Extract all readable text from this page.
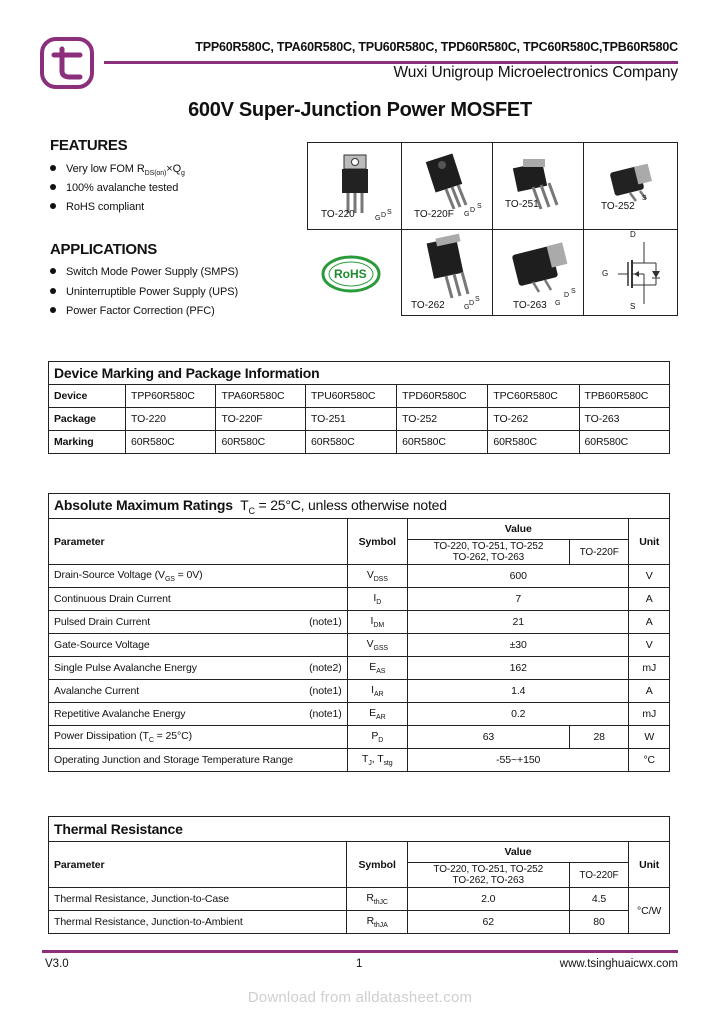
TPP60R580C, TPA60R580C, TPU60R580C, TPD60R580C, TPC60R580C,TPB60R580C
Wuxi Unigroup Microelectronics Company
600V Super-Junction Power MOSFET
FEATURES
Very low FOM $R_{DS(on)}\times Q_g$
100% avalanche tested
RoHS compliant
APPLICATIONS
Switch Mode Power Supply (SMPS)
Uninterruptible Power Supply (UPS)
Power Factor Correction (PFC)
TO-220	G D S TO-220F G
D
S TO-251	TO-252
S
RoHS
TO-262	G
D
S
TO-263 G
D
S
D
G
S
Device Marking and Package Information						
Device	TPP60R580C	TPA60R580C	TPU60R580C	TPD60R580C	TPC60R580C	TPB60R580C
Package	TO-220	TO-220F	TO-251	TO-252	TO-262	TO-263
Marking	60R580C	60R580C	60R580C	60R580C	60R580C	60R580C
Absolute Maximum Ratings $T_C = 25^\circ C$, unless otherwise noted				
Parameter	Symbol	Value		Unit
		TO-220, TO-251, TO-252
TO-262, TO-263	TO-220F	
Drain-Source Voltage $(V_{GS} = 0V)$	$V_{DSS}$	600		V
Continuous Drain Current	$I_D$	7		A
Pulsed Drain Current (note1)	$I_{DM}$	21		A
Gate-Source Voltage	$V_{GSS}$	±30		V
Single Pulse Avalanche Energy (note2)	$E_{AS}$	162		mJ
Avalanche Current (note1)	$I_{AR}$	1.4		A
Repetitive Avalanche Energy (note1)	$E_{AR}$	0.2		mJ
Power Dissipation $(T_C = 25^\circ C)$	$P_D$	63	28	W
Operating Junction and Storage Temperature Range	$T_J$, $T_{stg}$	-55~+150		°C
Thermal Resistance				
Parameter	Symbol	Value		Unit
		TO-220, TO-251, TO-252
TO-262, TO-263	TO-220F	
Thermal Resistance, Junction-to-Case	$R_{thJC}$	2.0	4.5	°C/W
Thermal Resistance, Junction-to-Ambient	$R_{thJA}$	62	80	
V3.0	1	www.tsinghuaicwx.com
Download from alldatasheet.com
